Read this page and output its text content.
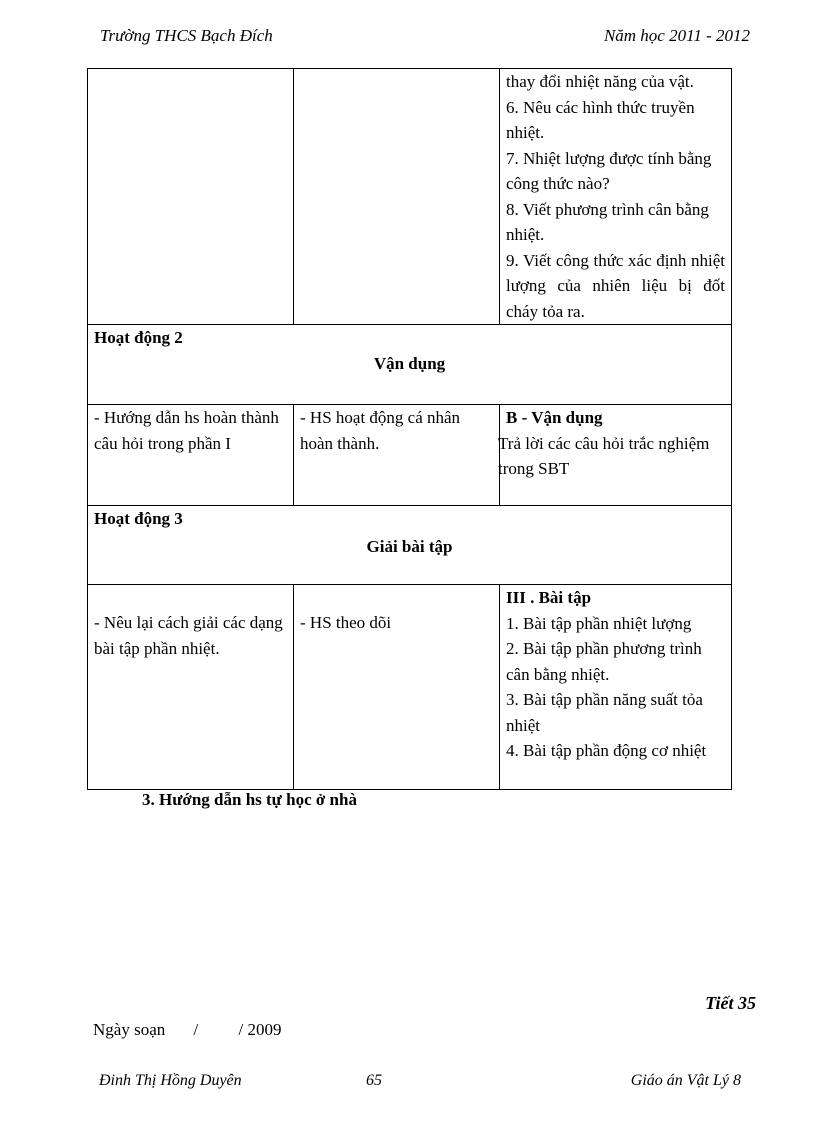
Trường THCS Bạch Đích	Năm học 2011 - 2012

		thay đổi nhiệt năng của vật.
6. Nêu các hình thức truyền nhiệt.
7. Nhiệt lượng được tính bằng công thức nào?
8. Viết phương trình cân bằng nhiệt.
9. Viết công thức xác định nhiệt lượng của nhiên liệu bị đốt cháy tỏa ra.

Hoạt động 2
Vận dụng		

- Hướng dẫn hs hoàn thành câu hỏi trong phần I	- HS hoạt động cá nhân hoàn thành.	B - Vận dụng
Trả lời các câu hỏi trắc nghiệm trong SBT

Hoạt động 3
Giải bài tập		

- Nêu lại cách giải các dạng bài tập phần nhiệt.	- HS theo dõi	III . Bài tập
1. Bài tập phần nhiệt lượng
2. Bài tập phần phương trình cân bằng nhiệt.
3. Bài tập phần năng suất tỏa nhiệt
4. Bài tập phần động cơ nhiệt
3. Hướng dẫn hs tự học ở nhà
Tiết 35
Ngày soạn / / 2009
Đinh Thị Hồng Duyên	65	Giáo án Vật Lý 8
